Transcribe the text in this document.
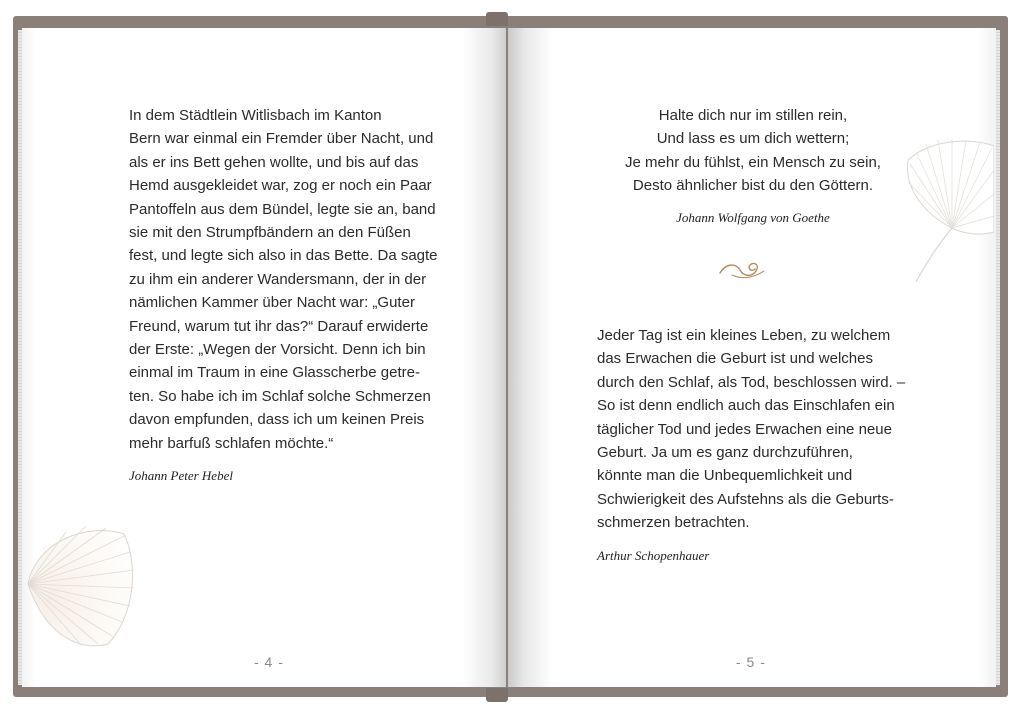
In dem Städtlein Witlisbach im Kanton
Bern war einmal ein Fremder über Nacht, und
als er ins Bett gehen wollte, und bis auf das
Hemd ausgekleidet war, zog er noch ein Paar
Pantoffeln aus dem Bündel, legte sie an, band
sie mit den Strumpfbändern an den Füßen
fest, und legte sich also in das Bette. Da sagte
zu ihm ein anderer Wandersmann, der in der
nämlichen Kammer über Nacht war: „Guter
Freund, warum tut ihr das?“ Darauf erwiderte
der Erste: „Wegen der Vorsicht. Denn ich bin
einmal im Traum in eine Glasscherbe getre-
ten. So habe ich im Schlaf solche Schmerzen
davon empfunden, dass ich um keinen Preis
mehr barfuß schlafen möchte.“

Johann Peter Hebel

- 4 -

Halte dich nur im stillen rein,
Und lass es um dich wettern;
Je mehr du fühlst, ein Mensch zu sein,
Desto ähnlicher bist du den Göttern.

Johann Wolfgang von Goethe

Jeder Tag ist ein kleines Leben, zu welchem
das Erwachen die Geburt ist und welches
durch den Schlaf, als Tod, beschlossen wird. –
So ist denn endlich auch das Einschlafen ein
täglicher Tod und jedes Erwachen eine neue
Geburt. Ja um es ganz durchzuführen,
könnte man die Unbequemlichkeit und
Schwierigkeit des Aufstehns als die Geburts-
schmerzen betrachten.

Arthur Schopenhauer

- 5 -
